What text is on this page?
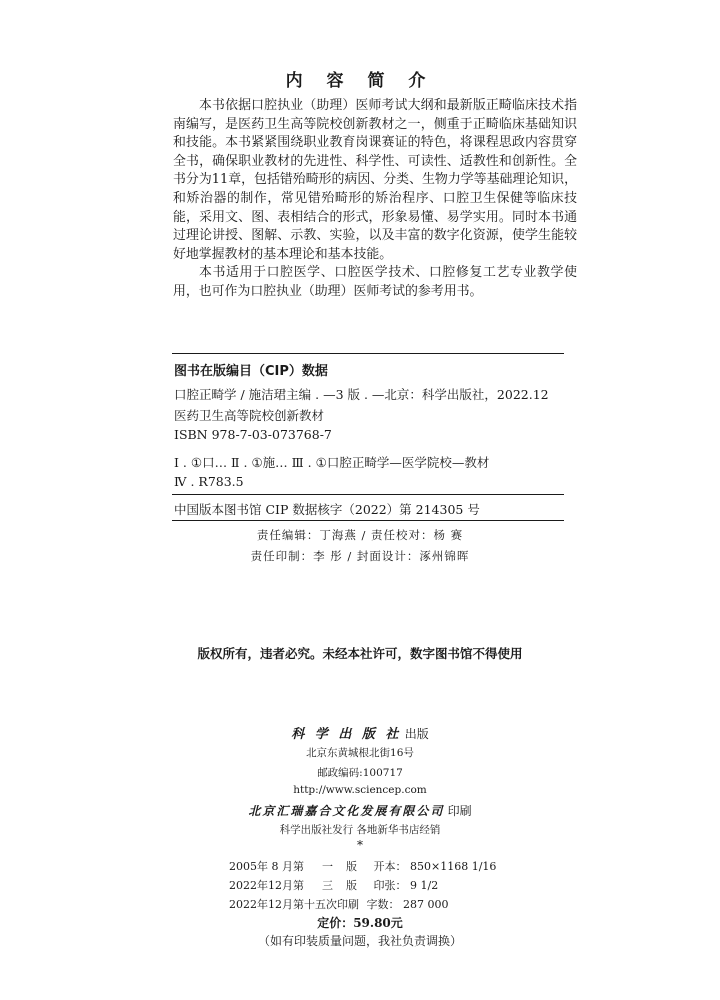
内 容 简 介

本书依据口腔执业（助理）医师考试大纲和最新版正畸临床技术指南编写，是医药卫生高等院校创新教材之一，侧重于正畸临床基础知识和技能。本书紧紧围绕职业教育岗课赛证的特色，将课程思政内容贯穿全书，确保职业教材的先进性、科学性、可读性、适教性和创新性。全书分为11章，包括错殆畸形的病因、分类、生物力学等基础理论知识，和矫治器的制作，常见错殆畸形的矫治程序、口腔卫生保健等临床技能，采用文、图、表相结合的形式，形象易懂、易学实用。同时本书通过理论讲授、图解、示教、实验，以及丰富的数字化资源，使学生能较好地掌握教材的基本理论和基本技能。

本书适用于口腔医学、口腔医学技术、口腔修复工艺专业教学使用，也可作为口腔执业（助理）医师考试的参考用书。

图书在版编目（CIP）数据
口腔正畸学 / 施洁珺主编 . —3 版 . —北京：科学出版社，2022.12
医药卫生高等院校创新教材
ISBN 978-7-03-073768-7
Ⅰ . ①口… Ⅱ . ①施… Ⅲ . ①口腔正畸学—医学院校—教材
Ⅳ . R783.5
中国版本图书馆 CIP 数据核字（2022）第 214305 号
责任编辑：丁海燕 / 责任校对：杨 赛
责任印制：李 彤 / 封面设计：涿州锦晖
版权所有，违者必究。未经本社许可，数字图书馆不得使用
科 学 出 版 社 出版
北京东黄城根北街16号
邮政编码:100717
http://www.sciencep.com
北京汇瑞嘉合文化发展有限公司 印刷
科学出版社发行 各地新华书店经销
*
2005年 8 月第 一 版 开本： 850×1168 1/16
2022年12月第 三 版 印张： 9 1/2
2022年12月第十五次印刷 字数： 287 000
定价：59.80元
（如有印装质量问题，我社负责调换）
